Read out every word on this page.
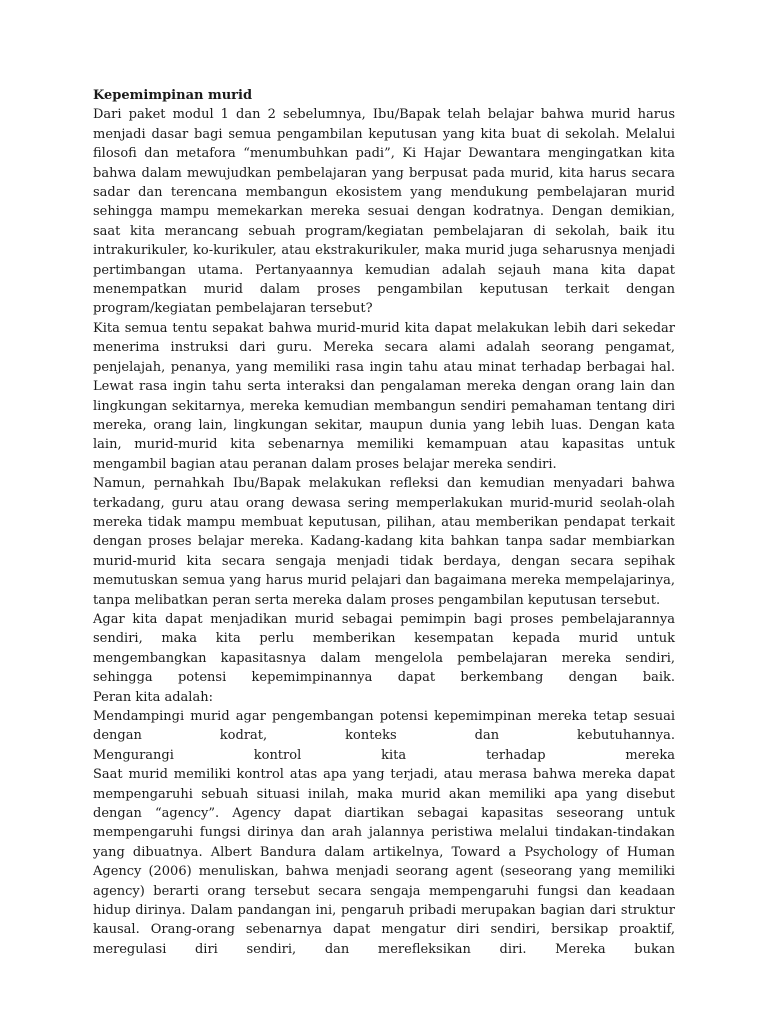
Kepemimpinan murid

Dari paket modul 1 dan 2 sebelumnya, Ibu/Bapak telah belajar bahwa murid harus menjadi dasar bagi semua pengambilan keputusan yang kita buat di sekolah. Melalui filosofi dan metafora “menumbuhkan padi”, Ki Hajar Dewantara mengingatkan kita bahwa dalam mewujudkan pembelajaran yang berpusat pada murid, kita harus secara sadar dan terencana membangun ekosistem yang mendukung pembelajaran murid sehingga mampu memekarkan mereka sesuai dengan kodratnya. Dengan demikian, saat kita merancang sebuah program/kegiatan pembelajaran di sekolah, baik itu intrakurikuler, ko-kurikuler, atau ekstrakurikuler, maka murid juga seharusnya menjadi pertimbangan utama. Pertanyaannya kemudian adalah sejauh mana kita dapat menempatkan murid dalam proses pengambilan keputusan terkait dengan program/kegiatan pembelajaran tersebut?

Kita semua tentu sepakat bahwa murid-murid kita dapat melakukan lebih dari sekedar menerima instruksi dari guru. Mereka secara alami adalah seorang pengamat, penjelajah, penanya, yang memiliki rasa ingin tahu atau minat terhadap berbagai hal. Lewat rasa ingin tahu serta interaksi dan pengalaman mereka dengan orang lain dan lingkungan sekitarnya, mereka kemudian membangun sendiri pemahaman tentang diri mereka, orang lain, lingkungan sekitar, maupun dunia yang lebih luas. Dengan kata lain, murid-murid kita sebenarnya memiliki kemampuan atau kapasitas untuk mengambil bagian atau peranan dalam proses belajar mereka sendiri.

Namun, pernahkah Ibu/Bapak melakukan refleksi dan kemudian menyadari bahwa terkadang, guru atau orang dewasa sering memperlakukan murid-murid seolah-olah mereka tidak mampu membuat keputusan, pilihan, atau memberikan pendapat terkait dengan proses belajar mereka. Kadang-kadang kita bahkan tanpa sadar membiarkan murid-murid kita secara sengaja menjadi tidak berdaya, dengan secara sepihak memutuskan semua yang harus murid pelajari dan bagaimana mereka mempelajarinya, tanpa melibatkan peran serta mereka dalam proses pengambilan keputusan tersebut.

Agar kita dapat menjadikan murid sebagai pemimpin bagi proses pembelajarannya sendiri, maka kita perlu memberikan kesempatan kepada murid untuk mengembangkan kapasitasnya dalam mengelola pembelajaran mereka sendiri, sehingga potensi kepemimpinannya dapat berkembang dengan baik.

Peran kita adalah:

Mendampingi murid agar pengembangan potensi kepemimpinan mereka tetap sesuai dengan kodrat, konteks dan kebutuhannya.

Mengurangi kontrol kita terhadap mereka

Saat murid memiliki kontrol atas apa yang terjadi, atau merasa bahwa mereka dapat mempengaruhi sebuah situasi inilah, maka murid akan memiliki apa yang disebut dengan “agency”. Agency dapat diartikan sebagai kapasitas seseorang untuk mempengaruhi fungsi dirinya dan arah jalannya peristiwa melalui tindakan-tindakan yang dibuatnya. Albert Bandura dalam artikelnya, Toward a Psychology of Human Agency (2006) menuliskan, bahwa menjadi seorang agent (seseorang yang memiliki agency) berarti orang tersebut secara sengaja mempengaruhi fungsi dan keadaan hidup dirinya. Dalam pandangan ini, pengaruh pribadi merupakan bagian dari struktur kausal. Orang-orang sebenarnya dapat mengatur diri sendiri, bersikap proaktif, meregulasi diri sendiri, dan merefleksikan diri. Mereka bukan
